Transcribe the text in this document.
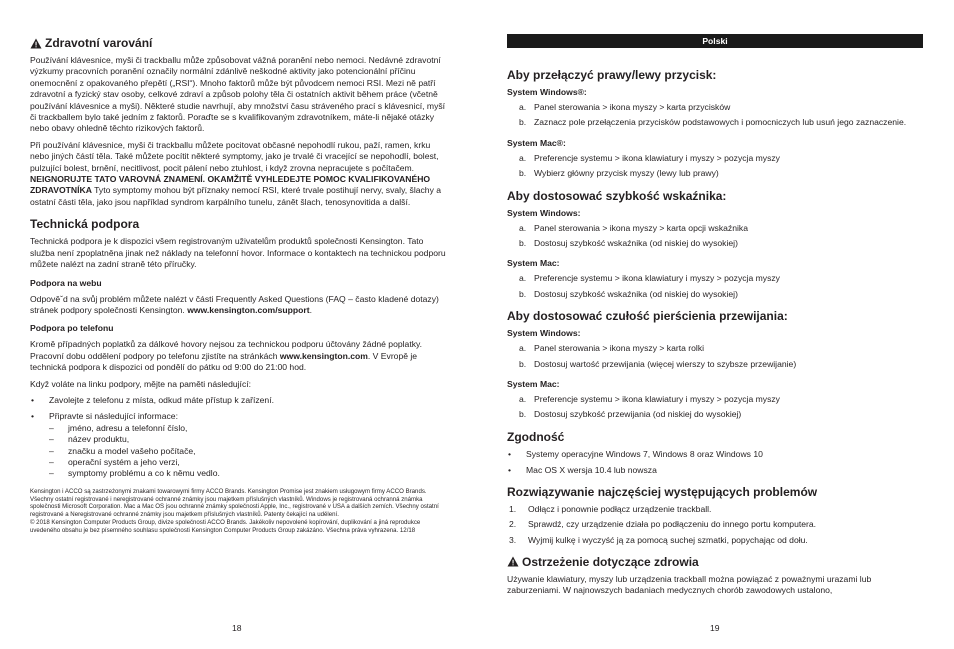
Zdravotní varování

Používání klávesnice, myši či trackballu může způsobovat vážná poranění nebo nemoci. Nedávné zdravotní výzkumy pracovních poranění označily normální zdánlivě neškodné aktivity jako potencionální příčinu onemocnění z opakovaného přepětí („RSI“). Mnoho faktorů může být původcem nemoci RSI. Mezi ně patří zdravotní a fyzický stav osoby, celkové zdraví a způsob polohy těla či ostatních aktivit během práce (včetně používání klávesnice a myši). Některé studie navrhují, aby množství času stráveného prací s klávesnicí, myší či trackballem bylo také jedním z faktorů. Poraďte se s kvalifikovaným zdravotníkem, máte-li nějaké otázky nebo obavy ohledně těchto rizikových faktorů.

Při používání klávesnice, myši či trackballu můžete pocitovat občasné nepohodlí rukou, paží, ramen, krku nebo jiných částí těla. Také můžete pocítit některé symptomy, jako je trvalé či vracející se nepohodlí, bolest, pulzující bolest, brnění, necitlivost, pocit pálení nebo ztuhlost, i když zrovna nepracujete s počítačem. NEIGNORUJTE TATO VAROVNÁ ZNAMENÍ. OKAMŽITĚ VYHLEDEJTE POMOC KVALIFIKOVANÉHO ZDRAVOTNÍKA Tyto symptomy mohou být příznaky nemocí RSI, které trvale postihují nervy, svaly, šlachy a ostatní části těla, jako jsou například syndrom karpálního tunelu, zánět šlach, tenosynovitida a další.

Technická podpora

Technická podpora je k dispozici všem registrovaným uživatelům produktů společnosti Kensington. Tato služba není zpoplatněna jinak než náklady na telefonní hovor. Informace o kontaktech na technickou podporu můžete nalézt na zadní straně této příručky.

Podpora na webu

Odpověˇd na svůj problém můžete nalézt v části Frequently Asked Questions (FAQ – často kladené dotazy) stránek podpory společnosti Kensington. www.kensington.com/support.

Podpora po telefonu

Kromě případných poplatků za dálkové hovory nejsou za technickou podporu účtovány žádné poplatky. Pracovní dobu oddělení podpory po telefonu zjistíte na stránkách www.kensington.com. V Evropě je technická podpora k dispozici od pondělí do pátku od 9:00 do 21:00 hod.

Když voláte na linku podpory, mějte na paměti následující:

• Zavolejte z telefonu z místa, odkud máte přístup k zařízení.
• Připravte si následující informace:
– jméno, adresu a telefonní číslo,
– název produktu,
– značku a model vašeho počítače,
– operační systém a jeho verzi,
– symptomy problému a co k němu vedlo.

Kensington i ACCO są zastrzeżonymi znakami towarowymi firmy ACCO Brands. Kensington Promise jest znakiem usługowym firmy ACCO Brands. Všechny ostatní registrované i neregistrované ochranné známky jsou majetkem příslušných vlastníků. Windows je registrovaná ochranná známka společnosti Microsoft Corporation. Mac a Mac OS jsou ochranné známky společnosti Apple, Inc., registrované v USA a dalších zemích. Všechny ostatní registrované a Neregistrované ochranné známky jsou majetkem příslušných vlastníků. Patenty čekající na udělení.

© 2018 Kensington Computer Products Group, divize společnosti ACCO Brands. Jakékoliv nepovolené kopírování, duplikování a jiná reprodukce uvedeného obsahu je bez písemného souhlasu společnosti Kensington Computer Products Group zakázáno. Všechna práva vyhrazena. 12/18

18
Polski
Aby przełączyć prawy/lewy przycisk:
System Windows®:
a. Panel sterowania > ikona myszy > karta przycisków
b. Zaznacz pole przełączenia przycisków podstawowych i pomocniczych lub usuń jego zaznaczenie.
System Mac®:
a. Preferencje systemu > ikona klawiatury i myszy > pozycja myszy
b. Wybierz główny przycisk myszy (lewy lub prawy)
Aby dostosować szybkość wskaźnika:
System Windows:
a. Panel sterowania > ikona myszy > karta opcji wskaźnika
b. Dostosuj szybkość wskaźnika (od niskiej do wysokiej)
System Mac:
a. Preferencje systemu > ikona klawiatury i myszy > pozycja myszy
b. Dostosuj szybkość wskaźnika (od niskiej do wysokiej)
Aby dostosować czułość pierścienia przewijania:
System Windows:
a. Panel sterowania > ikona myszy > karta rolki
b. Dostosuj wartość przewijania (więcej wierszy to szybsze przewijanie)
System Mac:
a. Preferencje systemu > ikona klawiatury i myszy > pozycja myszy
b. Dostosuj szybkość przewijania (od niskiej do wysokiej)
Zgodność
• Systemy operacyjne Windows 7, Windows 8 oraz Windows 10
• Mac OS X wersja 10.4 lub nowsza
Rozwiązywanie najczęściej występujących problemów
1. Odłącz i ponownie podłącz urządzenie trackball.
2. Sprawdź, czy urządzenie działa po podłączeniu do innego portu komputera.
3. Wyjmij kulkę i wyczyść ją za pomocą suchej szmatki, popychając od dołu.
Ostrzeżenie dotyczące zdrowia

Używanie klawiatury, myszy lub urządzenia trackball można powiązać z poważnymi urazami lub zaburzeniami. W najnowszych badaniach medycznych chorób zawodowych ustalono,

19
